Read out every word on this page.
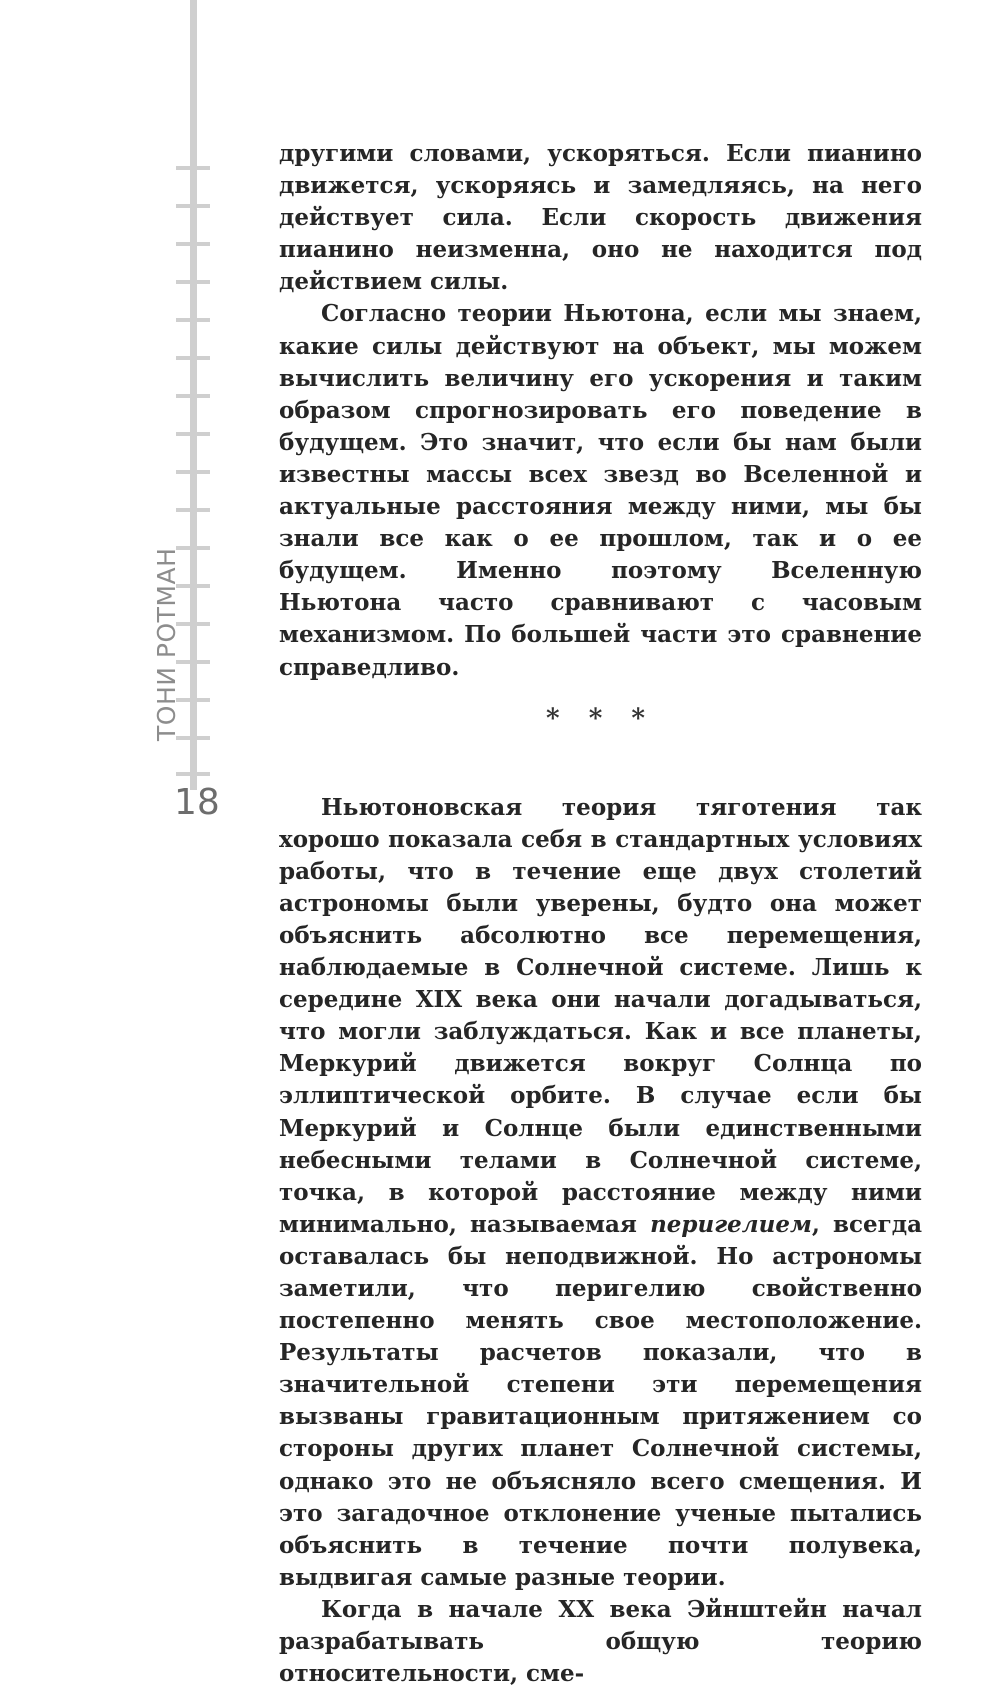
ТОНИ РОТМАН
18

другими словами, ускоряться. Если пианино движется, ускоряясь и замедляясь, на него действует сила. Если скорость движения пианино неизменна, оно не находится под действием силы.

Согласно теории Ньютона, если мы знаем, какие силы действуют на объект, мы можем вычислить величину его ускорения и таким образом спрогнозировать его поведение в будущем. Это значит, что если бы нам были известны массы всех звезд во Вселенной и актуальные расстояния между ними, мы бы знали все как о ее прошлом, так и о ее будущем. Именно поэтому Вселенную Ньютона часто сравнивают с часовым механизмом. По большей части это сравнение справедливо.

* * *

Ньютоновская теория тяготения так хорошо показала себя в стандартных условиях работы, что в течение еще двух столетий астрономы были уверены, будто она может объяснить абсолютно все перемещения, наблюдаемые в Солнечной системе. Лишь к середине XIX века они начали догадываться, что могли заблуждаться. Как и все планеты, Меркурий движется вокруг Солнца по эллиптической орбите. В случае если бы Меркурий и Солнце были единственными небесными телами в Солнечной системе, точка, в которой расстояние между ними минимально, называемая перигелием, всегда оставалась бы неподвижной. Но астрономы заметили, что перигелию свойственно постепенно менять свое местоположение. Результаты расчетов показали, что в значительной степени эти перемещения вызваны гравитационным притяжением со стороны других планет Солнечной системы, однако это не объясняло всего смещения. И это загадочное отклонение ученые пытались объяснить в течение почти полувека, выдвигая самые разные теории.

Когда в начале XX века Эйнштейн начал разрабатывать общую теорию относительности, сме-
